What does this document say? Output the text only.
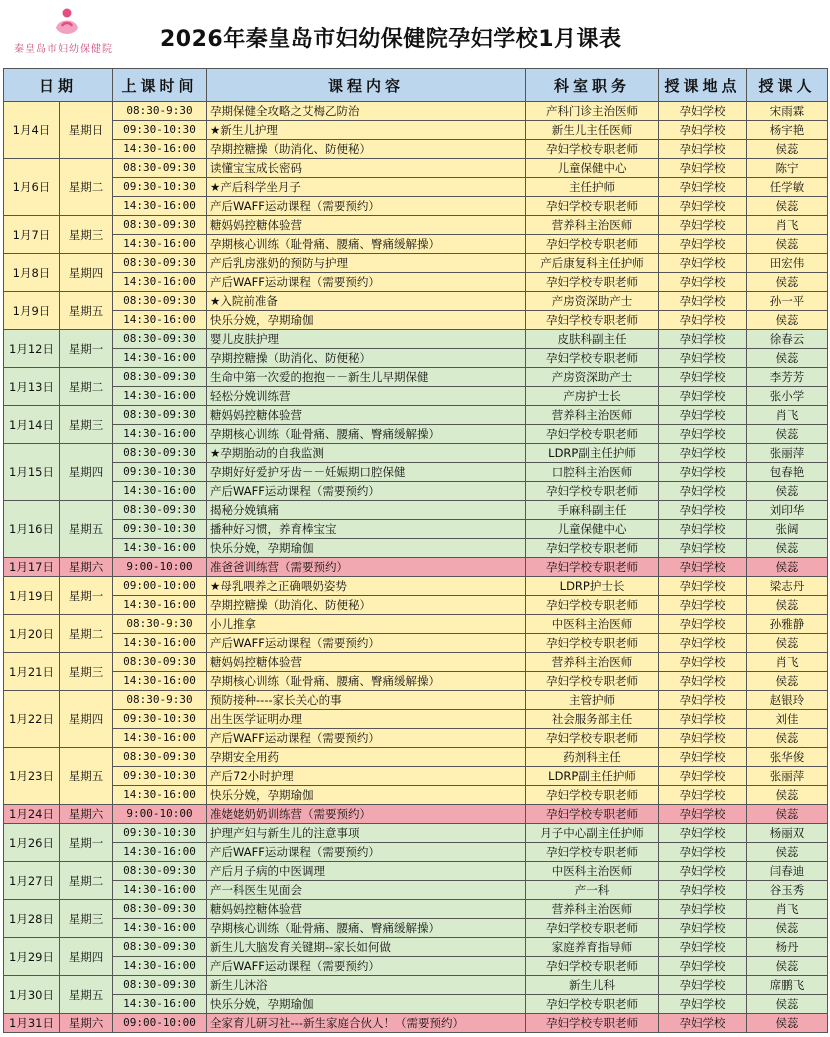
秦皇岛市妇幼保健院 2026年秦皇岛市妇幼保健院孕妇学校1月课表
日期		上课时间	课程内容	科室职务	授课地点	授课人
1月4日	星期日	08:30-9:30	孕期保健全攻略之艾梅乙防治	产科门诊主治医师	孕妇学校	宋雨霖
		09:30-10:30	★新生儿护理	新生儿主任医师	孕妇学校	杨宇艳
		14:30-16:00	孕期控糖操（助消化、防便秘）	孕妇学校专职老师	孕妇学校	侯蕊
1月6日	星期二	08:30-09:30	读懂宝宝成长密码	儿童保健中心	孕妇学校	陈宁
		09:30-10:30	★产后科学坐月子	主任护师	孕妇学校	任学敏
		14:30-16:00	产后WAFF运动课程（需要预约）	孕妇学校专职老师	孕妇学校	侯蕊
1月7日	星期三	08:30-09:30	糖妈妈控糖体验营	营养科主治医师	孕妇学校	肖飞
		14:30-16:00	孕期核心训练（耻骨痛、腰痛、臀痛缓解操）	孕妇学校专职老师	孕妇学校	侯蕊
1月8日	星期四	08:30-09:30	产后乳房涨奶的预防与护理	产后康复科主任护师	孕妇学校	田宏伟
		14:30-16:00	产后WAFF运动课程（需要预约）	孕妇学校专职老师	孕妇学校	侯蕊
1月9日	星期五	08:30-09:30	★入院前准备	产房资深助产士	孕妇学校	孙一平
		14:30-16:00	快乐分娩，孕期瑜伽	孕妇学校专职老师	孕妇学校	侯蕊
1月12日	星期一	08:30-09:30	婴儿皮肤护理	皮肤科副主任	孕妇学校	徐春云
		14:30-16:00	孕期控糖操（助消化、防便秘）	孕妇学校专职老师	孕妇学校	侯蕊
1月13日	星期二	08:30-09:30	生命中第一次爱的抱抱－－新生儿早期保健	产房资深助产士	孕妇学校	李芳芳
		14:30-16:00	轻松分娩训练营	产房护士长	孕妇学校	张小学
1月14日	星期三	08:30-09:30	糖妈妈控糖体验营	营养科主治医师	孕妇学校	肖飞
		14:30-16:00	孕期核心训练（耻骨痛、腰痛、臀痛缓解操）	孕妇学校专职老师	孕妇学校	侯蕊
1月15日	星期四	08:30-09:30	★孕期胎动的自我监测	LDRP副主任护师	孕妇学校	张丽萍
		09:30-10:30	孕期好好爱护牙齿－－妊娠期口腔保健	口腔科主治医师	孕妇学校	包春艳
		14:30-16:00	产后WAFF运动课程（需要预约）	孕妇学校专职老师	孕妇学校	侯蕊
1月16日	星期五	08:30-09:30	揭秘分娩镇痛	手麻科副主任	孕妇学校	刘印华
		09:30-10:30	播种好习惯，养育棒宝宝	儿童保健中心	孕妇学校	张阔
		14:30-16:00	快乐分娩，孕期瑜伽	孕妇学校专职老师	孕妇学校	侯蕊
1月17日	星期六	9:00-10:00	准爸爸训练营（需要预约）	孕妇学校专职老师	孕妇学校	侯蕊
1月19日	星期一	09:00-10:00	★母乳喂养之正确喂奶姿势	LDRP护士长	孕妇学校	梁志丹
		14:30-16:00	孕期控糖操（助消化、防便秘）	孕妇学校专职老师	孕妇学校	侯蕊
1月20日	星期二	08:30-9:30	小儿推拿	中医科主治医师	孕妇学校	孙雅静
		14:30-16:00	产后WAFF运动课程（需要预约）	孕妇学校专职老师	孕妇学校	侯蕊
1月21日	星期三	08:30-09:30	糖妈妈控糖体验营	营养科主治医师	孕妇学校	肖飞
		14:30-16:00	孕期核心训练（耻骨痛、腰痛、臀痛缓解操）	孕妇学校专职老师	孕妇学校	侯蕊
1月22日	星期四	08:30-9:30	预防接种----家长关心的事	主管护师	孕妇学校	赵银玲
		09:30-10:30	出生医学证明办理	社会服务部主任	孕妇学校	刘佳
		14:30-16:00	产后WAFF运动课程（需要预约）	孕妇学校专职老师	孕妇学校	侯蕊
1月23日	星期五	08:30-09:30	孕期安全用药	药剂科主任	孕妇学校	张华俊
		09:30-10:30	产后72小时护理	LDRP副主任护师	孕妇学校	张丽萍
		14:30-16:00	快乐分娩，孕期瑜伽	孕妇学校专职老师	孕妇学校	侯蕊
1月24日	星期六	9:00-10:00	准姥姥奶奶训练营（需要预约）	孕妇学校专职老师	孕妇学校	侯蕊
1月26日	星期一	09:30-10:30	护理产妇与新生儿的注意事项	月子中心副主任护师	孕妇学校	杨丽双
		14:30-16:00	产后WAFF运动课程（需要预约）	孕妇学校专职老师	孕妇学校	侯蕊
1月27日	星期二	08:30-09:30	产后月子病的中医调理	中医科主治医师	孕妇学校	闫春迪
		14:30-16:00	产一科医生见面会	产一科	孕妇学校	谷玉秀
1月28日	星期三	08:30-09:30	糖妈妈控糖体验营	营养科主治医师	孕妇学校	肖飞
		14:30-16:00	孕期核心训练（耻骨痛、腰痛、臀痛缓解操）	孕妇学校专职老师	孕妇学校	侯蕊
1月29日	星期四	08:30-09:30	新生儿大脑发育关键期--家长如何做	家庭养育指导师	孕妇学校	杨丹
		14:30-16:00	产后WAFF运动课程（需要预约）	孕妇学校专职老师	孕妇学校	侯蕊
1月30日	星期五	08:30-09:30	新生儿沐浴	新生儿科	孕妇学校	席鹏飞
		14:30-16:00	快乐分娩，孕期瑜伽	孕妇学校专职老师	孕妇学校	侯蕊
1月31日	星期六	09:00-10:00	全家育儿研习社---新生家庭合伙人！（需要预约）	孕妇学校专职老师	孕妇学校	侯蕊
